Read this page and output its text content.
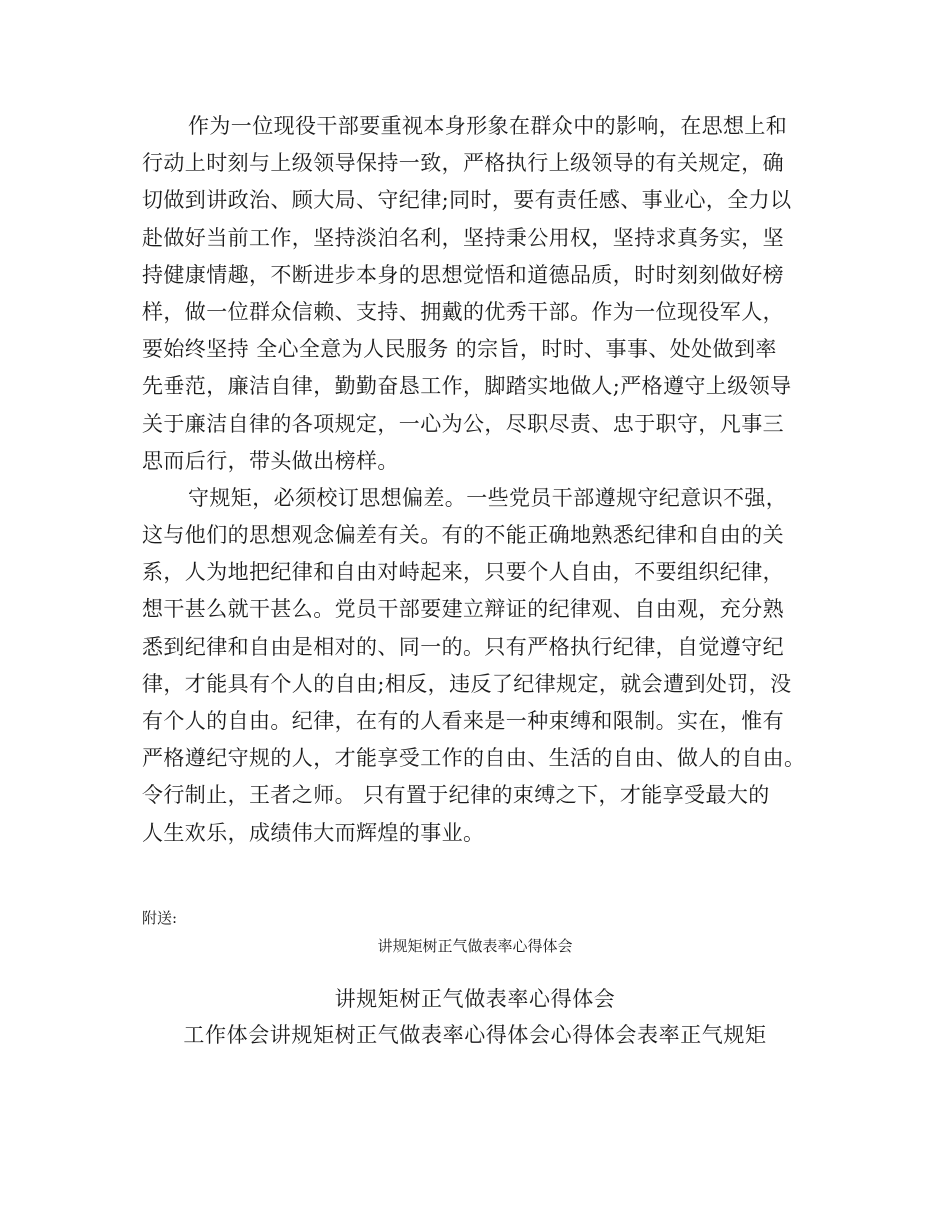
作为一位现役干部要重视本身形象在群众中的影响，在思想上和
行动上时刻与上级领导保持一致，严格执行上级领导的有关规定，确
切做到讲政治、顾大局、守纪律;同时，要有责任感、事业心，全力以
赴做好当前工作，坚持淡泊名利，坚持秉公用权，坚持求真务实，坚
持健康情趣，不断进步本身的思想觉悟和道德品质，时时刻刻做好榜
样，做一位群众信赖、支持、拥戴的优秀干部。作为一位现役军人，
要始终坚持 全心全意为人民服务 的宗旨，时时、事事、处处做到率
先垂范，廉洁自律，勤勤奋恳工作，脚踏实地做人;严格遵守上级领导
关于廉洁自律的各项规定，一心为公，尽职尽责、忠于职守，凡事三
思而后行，带头做出榜样。
守规矩，必须校订思想偏差。一些党员干部遵规守纪意识不强，
这与他们的思想观念偏差有关。有的不能正确地熟悉纪律和自由的关
系，人为地把纪律和自由对峙起来，只要个人自由，不要组织纪律，
想干甚么就干甚么。党员干部要建立辩证的纪律观、自由观，充分熟
悉到纪律和自由是相对的、同一的。只有严格执行纪律，自觉遵守纪
律，才能具有个人的自由;相反，违反了纪律规定，就会遭到处罚，没
有个人的自由。纪律，在有的人看来是一种束缚和限制。实在，惟有
严格遵纪守规的人，才能享受工作的自由、生活的自由、做人的自由。
令行制止，王者之师。 只有置于纪律的束缚之下，才能享受最大的
人生欢乐，成绩伟大而辉煌的事业。
附送:
讲规矩树正气做表率心得体会
讲规矩树正气做表率心得体会
工作体会讲规矩树正气做表率心得体会心得体会表率正气规矩
